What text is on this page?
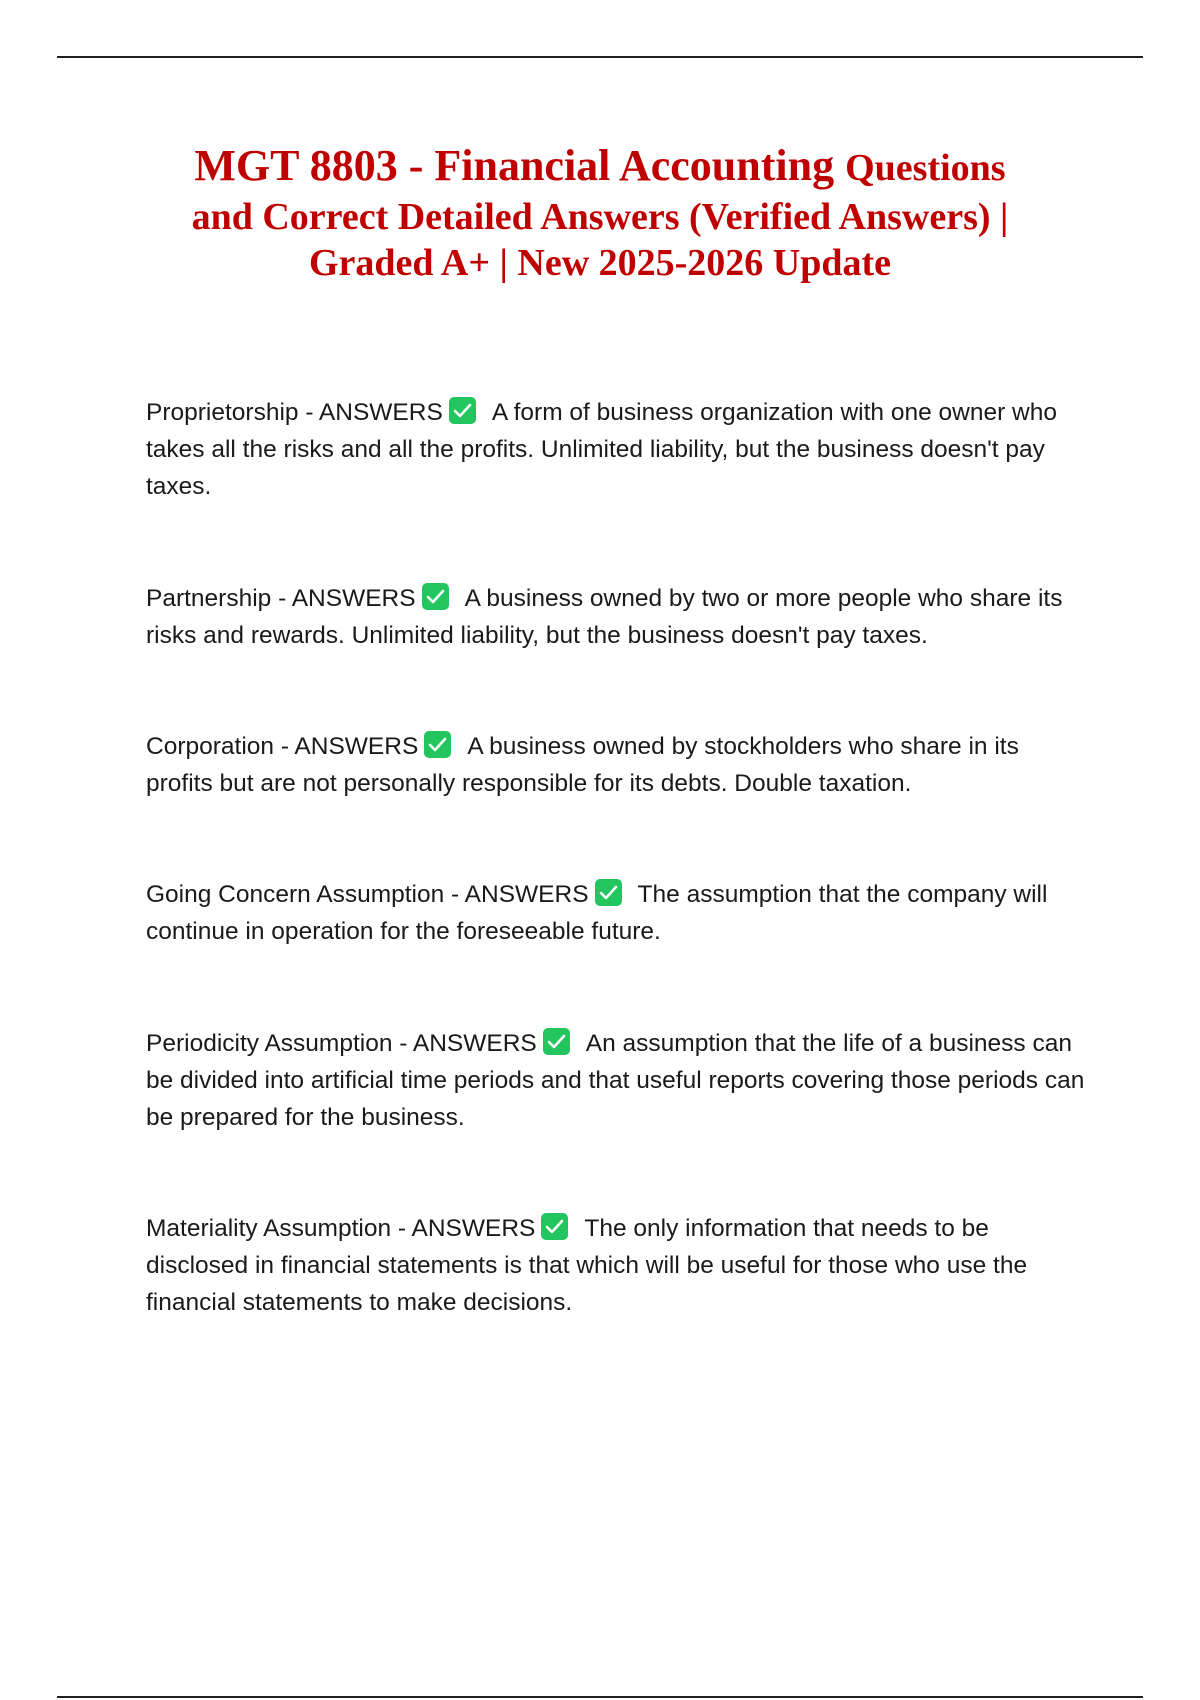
MGT 8803 - Financial Accounting Questions
and Correct Detailed Answers (Verified Answers) |
Graded A+ | New 2025-2026 Update

Proprietorship - ANSWERS A form of business organization with one owner who takes all the risks and all the profits. Unlimited liability, but the business doesn't pay taxes.

Partnership - ANSWERS A business owned by two or more people who share its risks and rewards. Unlimited liability, but the business doesn't pay taxes.

Corporation - ANSWERS A business owned by stockholders who share in its profits but are not personally responsible for its debts. Double taxation.

Going Concern Assumption - ANSWERS The assumption that the company will continue in operation for the foreseeable future.

Periodicity Assumption - ANSWERS An assumption that the life of a business can be divided into artificial time periods and that useful reports covering those periods can be prepared for the business.

Materiality Assumption - ANSWERS The only information that needs to be disclosed in financial statements is that which will be useful for those who use the financial statements to make decisions.
